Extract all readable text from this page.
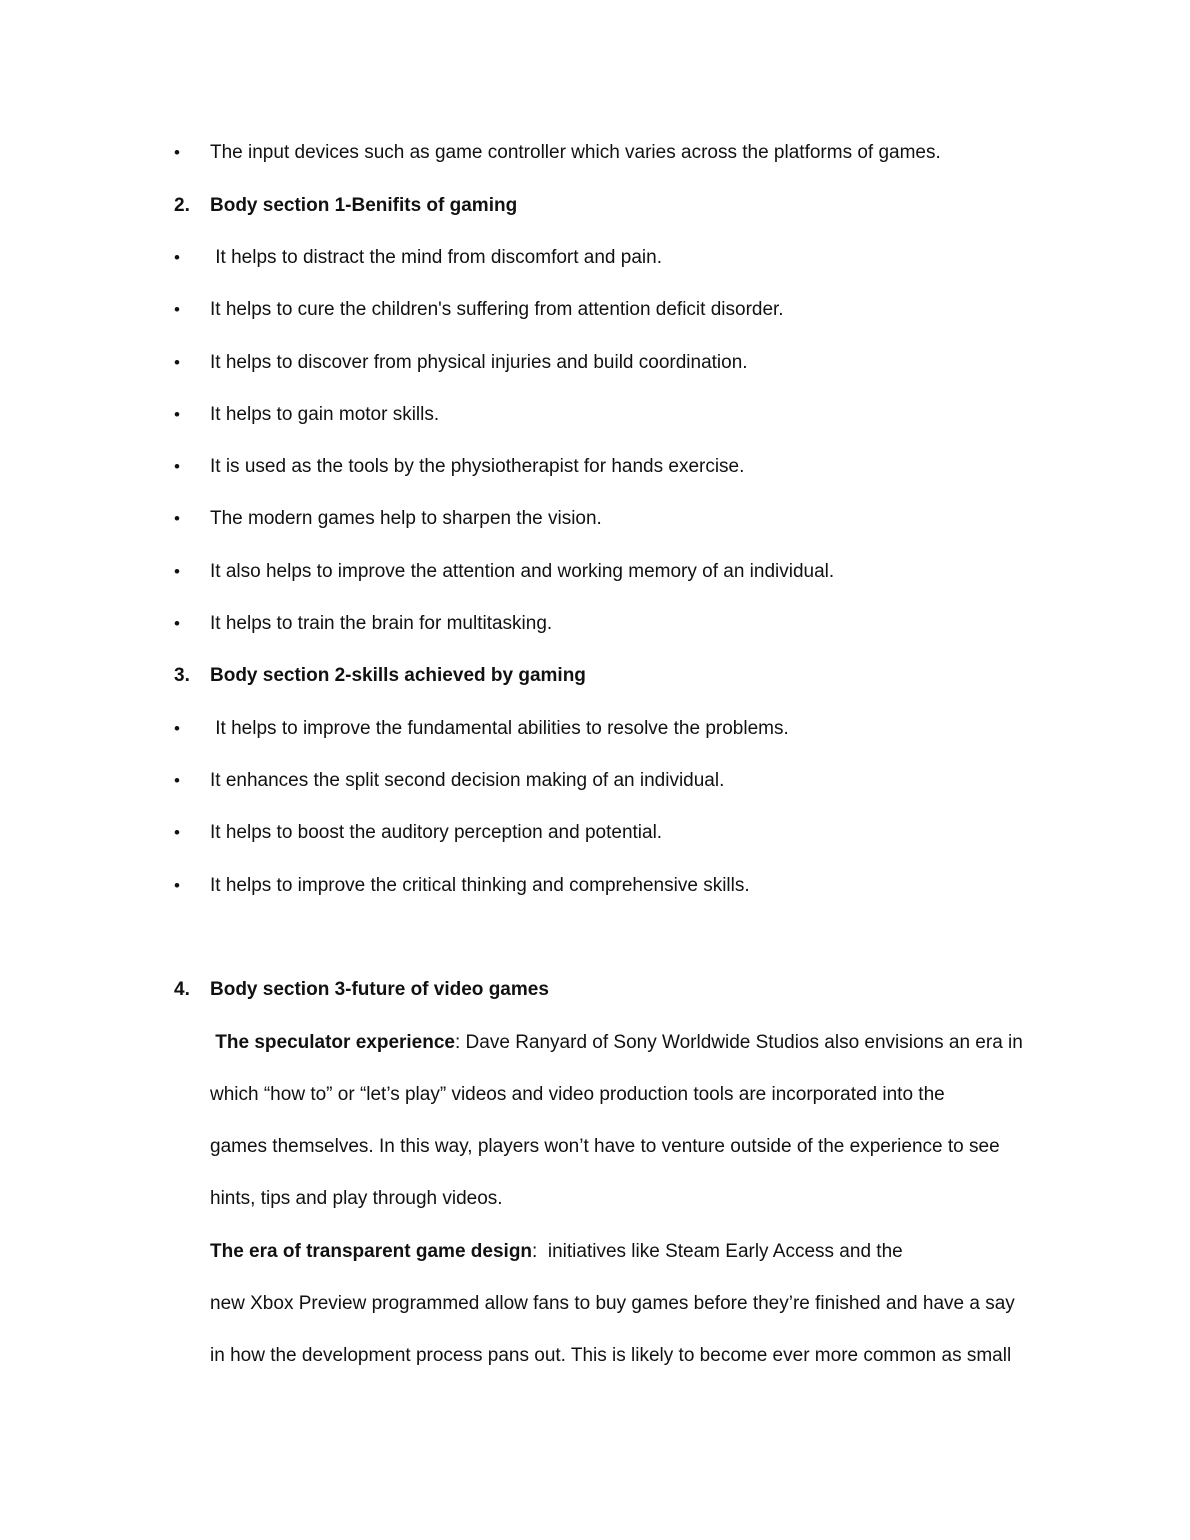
• The input devices such as game controller which varies across the platforms of games.
2. Body section 1-Benifits of gaming
• It helps to distract the mind from discomfort and pain.
• It helps to cure the children's suffering from attention deficit disorder.
• It helps to discover from physical injuries and build coordination.
• It helps to gain motor skills.
• It is used as the tools by the physiotherapist for hands exercise.
• The modern games help to sharpen the vision.
• It also helps to improve the attention and working memory of an individual.
• It helps to train the brain for multitasking.
3. Body section 2-skills achieved by gaming
• It helps to improve the fundamental abilities to resolve the problems.
• It enhances the split second decision making of an individual.
• It helps to boost the auditory perception and potential.
• It helps to improve the critical thinking and comprehensive skills.
4. Body section 3-future of video games
The speculator experience: Dave Ranyard of Sony Worldwide Studios also envisions an era in
which “how to” or “let’s play” videos and video production tools are incorporated into the
games themselves. In this way, players won’t have to venture outside of the experience to see
hints, tips and play through videos.
The era of transparent game design:  initiatives like Steam Early Access and the
new Xbox Preview programmed allow fans to buy games before they’re finished and have a say
in how the development process pans out. This is likely to become ever more common as small
